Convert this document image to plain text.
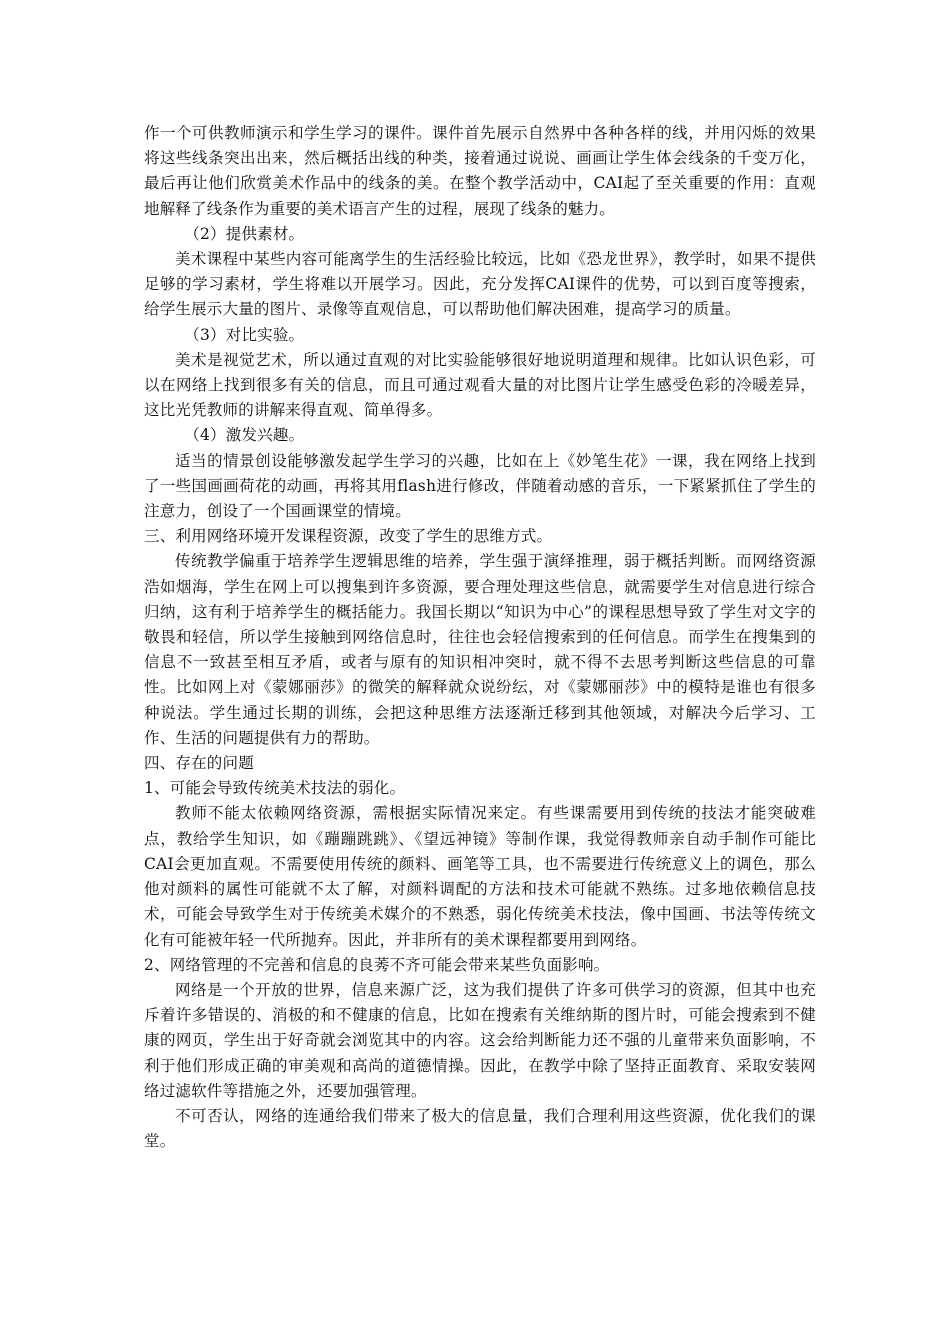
作一个可供教师演示和学生学习的课件。课件首先展示自然界中各种各样的线，并用闪烁的效果将这些线条突出出来，然后概括出线的种类，接着通过说说、画画让学生体会线条的千变万化，最后再让他们欣赏美术作品中的线条的美。在整个教学活动中，CAI起了至关重要的作用：直观地解释了线条作为重要的美术语言产生的过程，展现了线条的魅力。

（2）提供素材。

美术课程中某些内容可能离学生的生活经验比较远，比如《恐龙世界》，教学时，如果不提供足够的学习素材，学生将难以开展学习。因此，充分发挥CAI课件的优势，可以到百度等搜索，给学生展示大量的图片、录像等直观信息，可以帮助他们解决困难，提高学习的质量。

（3）对比实验。

美术是视觉艺术，所以通过直观的对比实验能够很好地说明道理和规律。比如认识色彩，可以在网络上找到很多有关的信息，而且可通过观看大量的对比图片让学生感受色彩的冷暖差异，这比光凭教师的讲解来得直观、简单得多。

（4）激发兴趣。

适当的情景创设能够激发起学生学习的兴趣，比如在上《妙笔生花》一课，我在网络上找到了一些国画画荷花的动画，再将其用flash进行修改，伴随着动感的音乐，一下紧紧抓住了学生的注意力，创设了一个国画课堂的情境。

三、利用网络环境开发课程资源，改变了学生的思维方式。

传统教学偏重于培养学生逻辑思维的培养，学生强于演绎推理，弱于概括判断。而网络资源浩如烟海，学生在网上可以搜集到许多资源，要合理处理这些信息，就需要学生对信息进行综合归纳，这有利于培养学生的概括能力。我国长期以“知识为中心”的课程思想导致了学生对文字的敬畏和轻信，所以学生接触到网络信息时，往往也会轻信搜索到的任何信息。而学生在搜集到的信息不一致甚至相互矛盾，或者与原有的知识相冲突时，就不得不去思考判断这些信息的可靠性。比如网上对《蒙娜丽莎》的微笑的解释就众说纷纭，对《蒙娜丽莎》中的模特是谁也有很多种说法。学生通过长期的训练，会把这种思维方法逐渐迁移到其他领域，对解决今后学习、工作、生活的问题提供有力的帮助。

四、存在的问题

1、可能会导致传统美术技法的弱化。

教师不能太依赖网络资源，需根据实际情况来定。有些课需要用到传统的技法才能突破难点，教给学生知识，如《蹦蹦跳跳》、《望远神镜》等制作课，我觉得教师亲自动手制作可能比CAI会更加直观。不需要使用传统的颜料、画笔等工具，也不需要进行传统意义上的调色，那么他对颜料的属性可能就不太了解，对颜料调配的方法和技术可能就不熟练。过多地依赖信息技术，可能会导致学生对于传统美术媒介的不熟悉，弱化传统美术技法，像中国画、书法等传统文化有可能被年轻一代所抛弃。因此，并非所有的美术课程都要用到网络。

2、网络管理的不完善和信息的良莠不齐可能会带来某些负面影响。

网络是一个开放的世界，信息来源广泛，这为我们提供了许多可供学习的资源，但其中也充斥着许多错误的、消极的和不健康的信息，比如在搜索有关维纳斯的图片时，可能会搜索到不健康的网页，学生出于好奇就会浏览其中的内容。这会给判断能力还不强的儿童带来负面影响，不利于他们形成正确的审美观和高尚的道德情操。因此，在教学中除了坚持正面教育、采取安装网络过滤软件等措施之外，还要加强管理。

不可否认，网络的连通给我们带来了极大的信息量，我们合理利用这些资源，优化我们的课堂。
